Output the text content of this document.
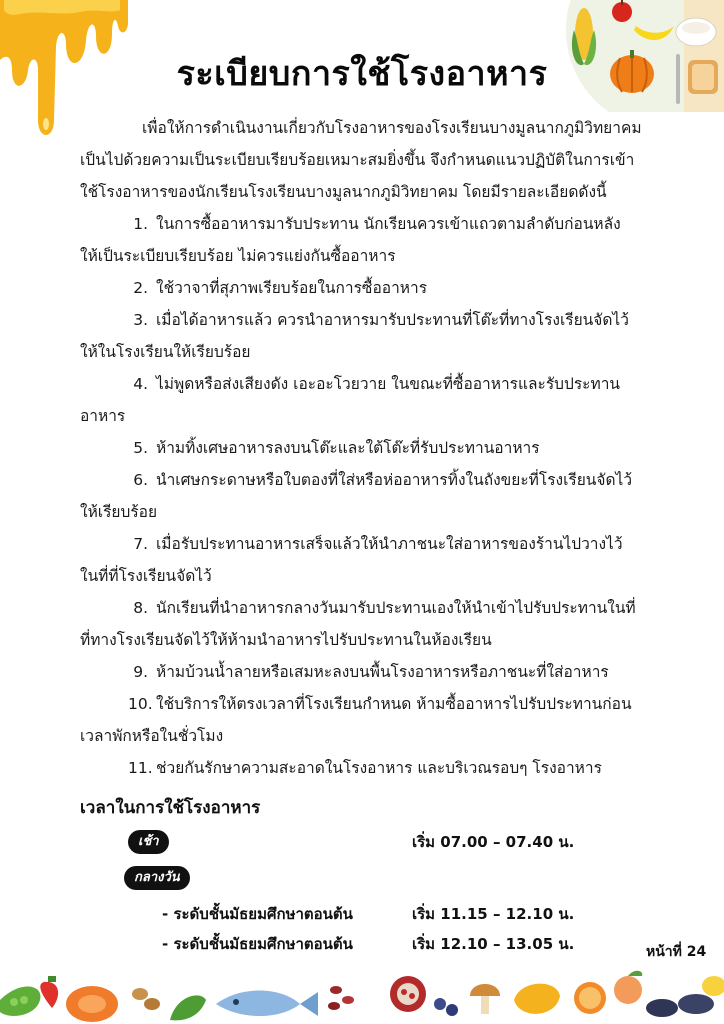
ระเบียบการใช้โรงอาหาร
เพื่อให้การดำเนินงานเกี่ยวกับโรงอาหารของโรงเรียนบางมูลนากภูมิวิทยาคม
เป็นไปด้วยความเป็นระเบียบเรียบร้อยเหมาะสมยิ่งขึ้น จึงกำหนดแนวปฏิบัติในการเข้า
ใช้โรงอาหารของนักเรียนโรงเรียนบางมูลนากภูมิวิทยาคม โดยมีรายละเอียดดังนี้
1. ในการซื้ออาหารมารับประทาน นักเรียนควรเข้าแถวตามลำดับก่อนหลัง
ให้เป็นระเบียบเรียบร้อย ไม่ควรแย่งกันซื้ออาหาร
2. ใช้วาจาที่สุภาพเรียบร้อยในการซื้ออาหาร
3. เมื่อได้อาหารแล้ว ควรนำอาหารมารับประทานที่โต๊ะที่ทางโรงเรียนจัดไว้
ให้ในโรงเรียนให้เรียบร้อย
4. ไม่พูดหรือส่งเสียงดัง เอะอะโวยวาย ในขณะที่ซื้ออาหารและรับประทาน
อาหาร
5. ห้ามทิ้งเศษอาหารลงบนโต๊ะและใต้โต๊ะที่รับประทานอาหาร
6. นำเศษกระดาษหรือใบตองที่ใส่หรือห่ออาหารทิ้งในถังขยะที่โรงเรียนจัดไว้
ให้เรียบร้อย
7. เมื่อรับประทานอาหารเสร็จแล้วให้นำภาชนะใส่อาหารของร้านไปวางไว้
ในที่ที่โรงเรียนจัดไว้
8. นักเรียนที่นำอาหารกลางวันมารับประทานเองให้นำเข้าไปรับประทานในที่
ที่ทางโรงเรียนจัดไว้ให้ห้ามนำอาหารไปรับประทานในห้องเรียน
9. ห้ามบ้วนน้ำลายหรือเสมหะลงบนพื้นโรงอาหารหรือภาชนะที่ใส่อาหาร
10. ใช้บริการให้ตรงเวลาที่โรงเรียนกำหนด ห้ามซื้ออาหารไปรับประทานก่อน
เวลาพักหรือในชั่วโมง
11. ช่วยกันรักษาความสะอาดในโรงอาหาร และบริเวณรอบๆ โรงอาหาร
เวลาในการใช้โรงอาหาร
เช้า	เริ่ม 07.00 – 07.40 น.
กลางวัน
- ระดับชั้นมัธยมศึกษาตอนต้น	เริ่ม 11.15 – 12.10 น.
- ระดับชั้นมัธยมศึกษาตอนต้น	เริ่ม 12.10 – 13.05 น.	หน้าที่ 24
